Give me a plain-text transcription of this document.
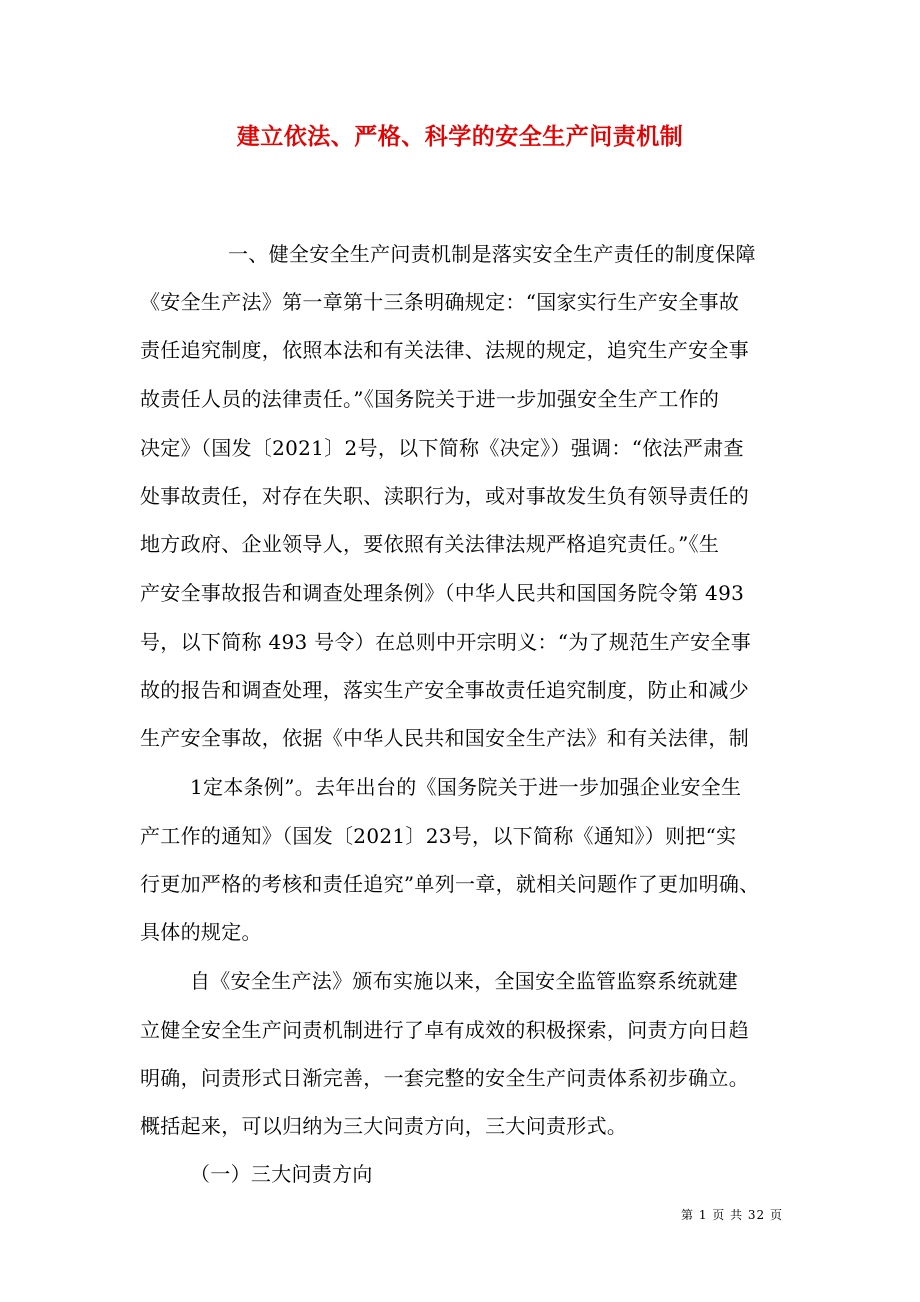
建立依法、严格、科学的安全生产问责机制
一、健全安全生产问责机制是落实安全生产责任的制度保障
《安全生产法》第一章第十三条明确规定：“国家实行生产安全事故
责任追究制度，依照本法和有关法律、法规的规定，追究生产安全事
故责任人员的法律责任。”《国务院关于进一步加强安全生产工作的
决定》（国发〔2021〕2号，以下简称《决定》）强调：“依法严肃查
处事故责任，对存在失职、渎职行为，或对事故发生负有领导责任的
地方政府、企业领导人，要依照有关法律法规严格追究责任。”《生
产安全事故报告和调查处理条例》（中华人民共和国国务院令第 493
号，以下简称 493 号令）在总则中开宗明义：“为了规范生产安全事
故的报告和调查处理，落实生产安全事故责任追究制度，防止和减少
生产安全事故，依据《中华人民共和国安全生产法》和有关法律，制
1定本条例”。去年出台的《国务院关于进一步加强企业安全生
产工作的通知》（国发〔2021〕23号，以下简称《通知》）则把“实
行更加严格的考核和责任追究”单列一章，就相关问题作了更加明确、
具体的规定。
自《安全生产法》颁布实施以来，全国安全监管监察系统就建
立健全安全生产问责机制进行了卓有成效的积极探索，问责方向日趋
明确，问责形式日渐完善，一套完整的安全生产问责体系初步确立。
概括起来，可以归纳为三大问责方向，三大问责形式。
（一）三大问责方向
第 1 页 共 32 页
